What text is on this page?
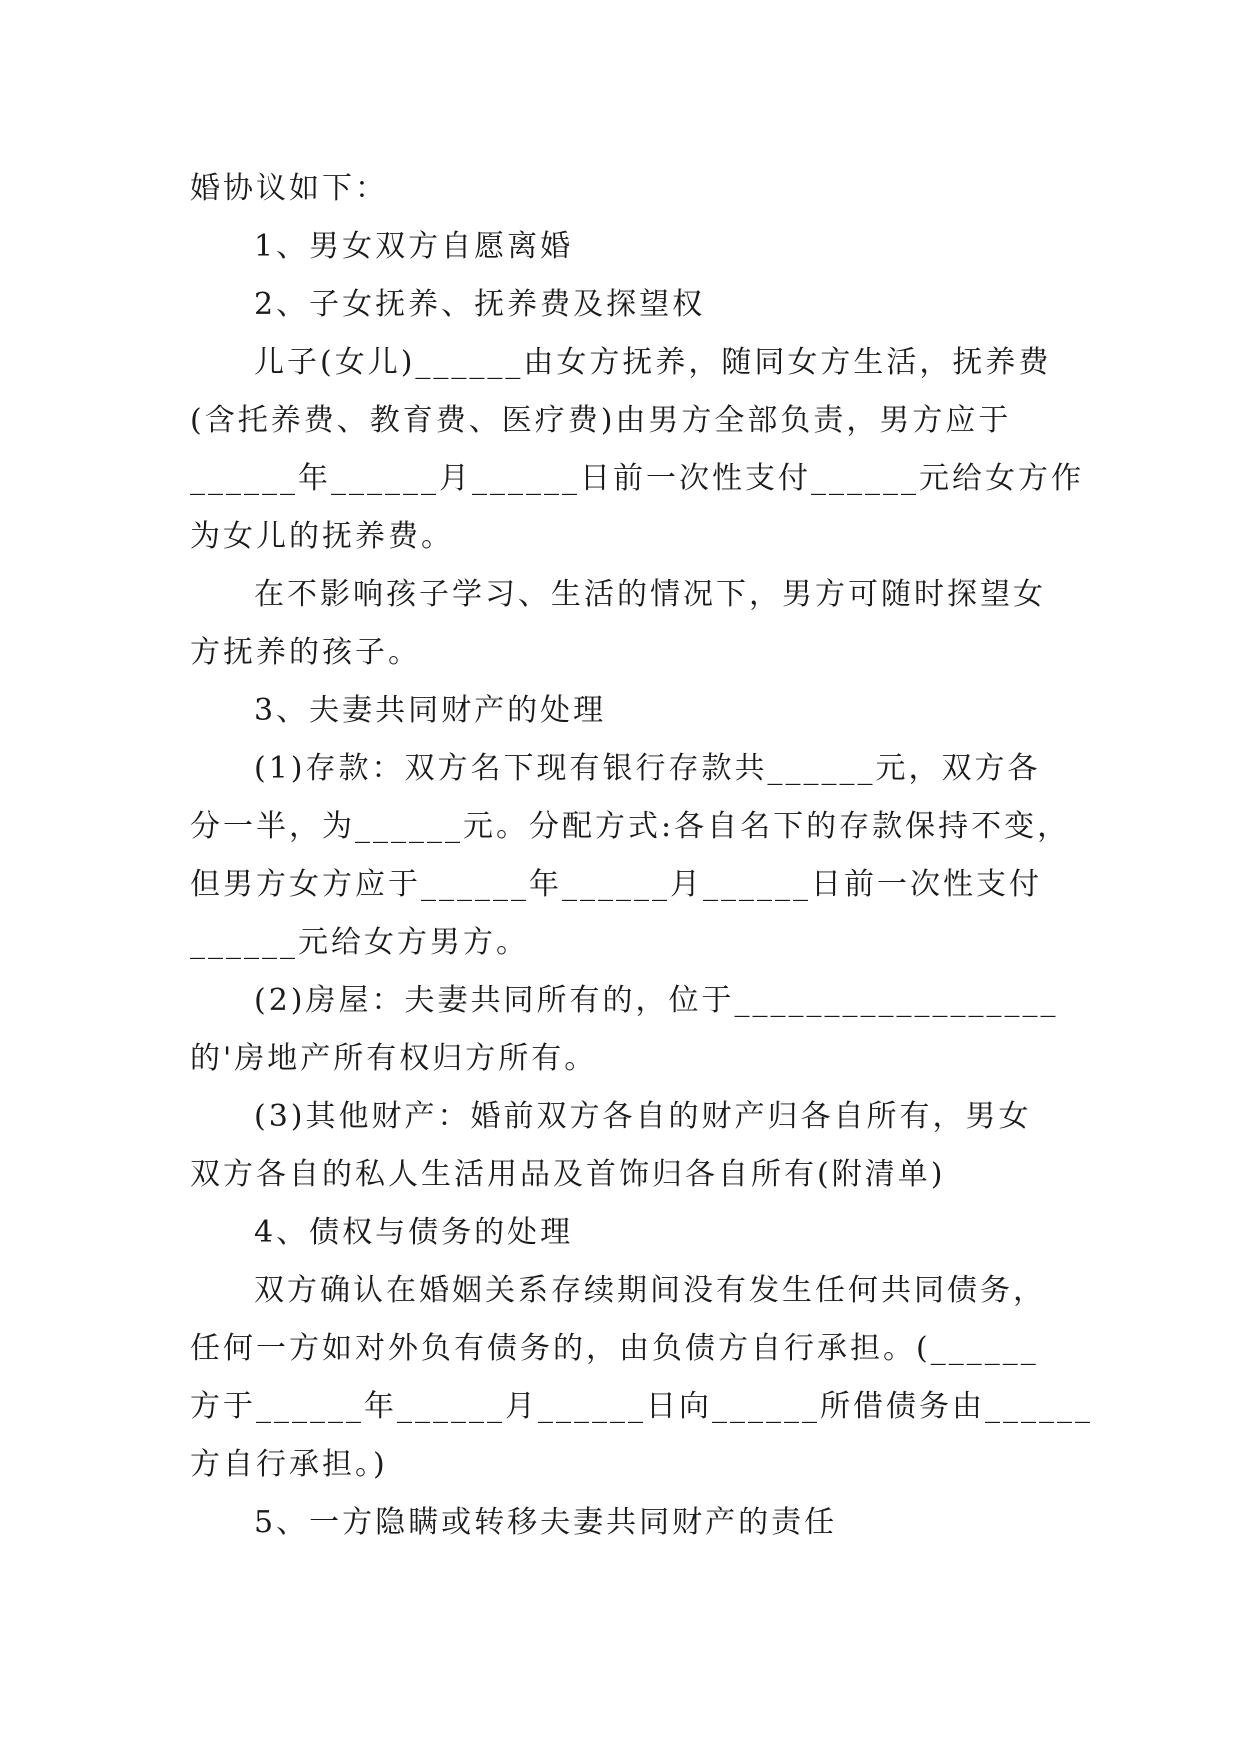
婚协议如下：

1、男女双方自愿离婚

2、子女抚养、抚养费及探望权

儿子(女儿)______由女方抚养，随同女方生活，抚养费

(含托养费、教育费、医疗费)由男方全部负责，男方应于

______年______月______日前一次性支付______元给女方作

为女儿的抚养费。

在不影响孩子学习、生活的情况下，男方可随时探望女

方抚养的孩子。

3、夫妻共同财产的处理

(1)存款：双方名下现有银行存款共______元，双方各

分一半，为______元。分配方式:各自名下的存款保持不变，

但男方女方应于______年______月______日前一次性支付

______元给女方男方。

(2)房屋：夫妻共同所有的，位于__________________

的'房地产所有权归方所有。

(3)其他财产：婚前双方各自的财产归各自所有，男女

双方各自的私人生活用品及首饰归各自所有(附清单)

4、债权与债务的处理

双方确认在婚姻关系存续期间没有发生任何共同债务，

任何一方如对外负有债务的，由负债方自行承担。(______

方于______年______月______日向______所借债务由______

方自行承担。)

5、一方隐瞒或转移夫妻共同财产的责任
